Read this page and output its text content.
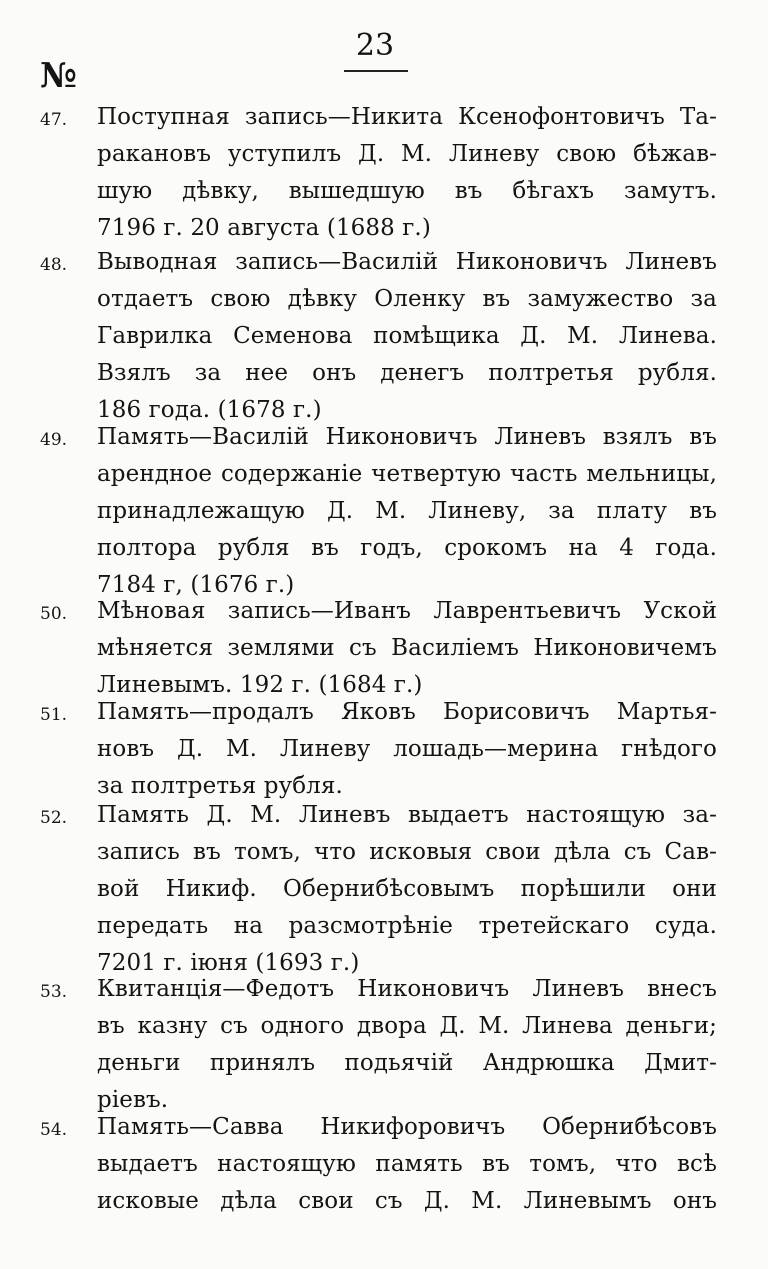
23
№
47. Поступная запись—Никита Ксенофонтовичъ Та-
ракановъ уступилъ Д. М. Линеву свою бѣжав-
шую дѣвку, вышедшую въ бѣгахъ замутъ.
7196 г. 20 августа (1688 г.)
48. Выводная запись—Василій Никоновичъ Линевъ
отдаетъ свою дѣвку Оленку въ замужество за
Гаврилка Семенова помѣщика Д. М. Линева.
Взялъ за нее онъ денегъ полтретья рубля.
186 года. (1678 г.)
49. Память—Василій Никоновичъ Линевъ взялъ въ
арендное содержаніе четвертую часть мельницы,
принадлежащую Д. М. Линеву, за плату въ
полтора рубля въ годъ, срокомъ на 4 года.
7184 г, (1676 г.)
50. Мѣновая запись—Иванъ Лаврентьевичъ Уской
мѣняется землями съ Василіемъ Никоновичемъ
Линевымъ. 192 г. (1684 г.)
51. Память—продалъ Яковъ Борисовичъ Мартья-
новъ Д. М. Линеву лошадь—мерина гнѣдого
за полтретья рубля.
52. Память Д. М. Линевъ выдаетъ настоящую за-
запись въ томъ, что исковыя свои дѣла съ Сав-
вой Никиф. Обернибѣсовымъ порѣшили они
передать на разсмотрѣніе третейскаго суда.
7201 г. іюня (1693 г.)
53. Квитанція—Федотъ Никоновичъ Линевъ внесъ
въ казну съ одного двора Д. М. Линева деньги;
деньги принялъ подьячій Андрюшка Дмит-
ріевъ.
54. Память—Савва Никифоровичъ Обернибѣсовъ
выдаетъ настоящую память въ томъ, что всѣ
исковые дѣла свои съ Д. М. Линевымъ онъ
